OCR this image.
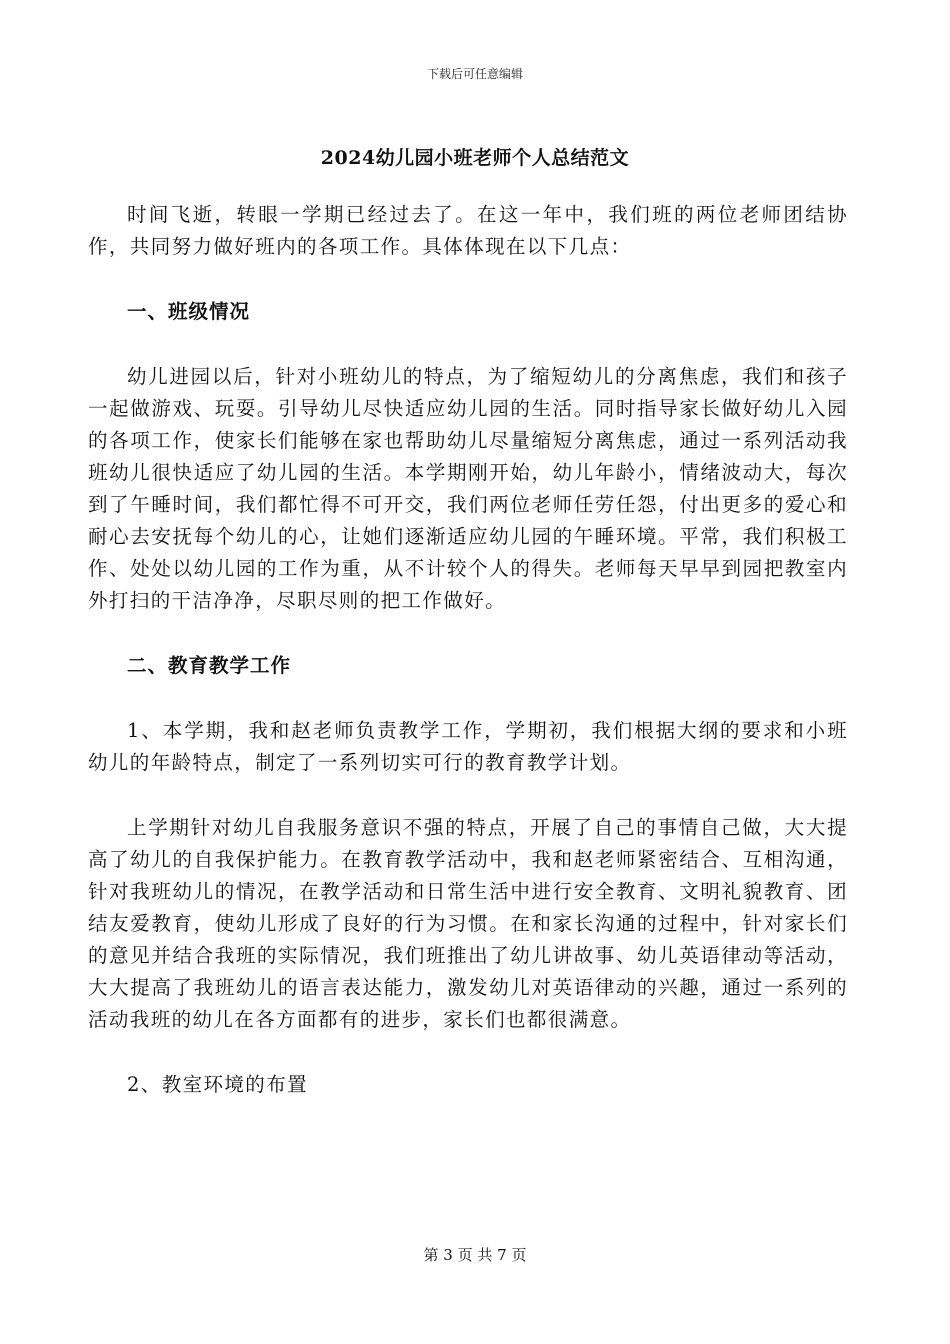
下载后可任意编辑
2024幼儿园小班老师个人总结范文

时间飞逝，转眼一学期已经过去了。在这一年中，我们班的两位老师团结协作，共同努力做好班内的各项工作。具体体现在以下几点：

一、班级情况

幼儿进园以后，针对小班幼儿的特点，为了缩短幼儿的分离焦虑，我们和孩子一起做游戏、玩耍。引导幼儿尽快适应幼儿园的生活。同时指导家长做好幼儿入园的各项工作，使家长们能够在家也帮助幼儿尽量缩短分离焦虑，通过一系列活动我班幼儿很快适应了幼儿园的生活。本学期刚开始，幼儿年龄小，情绪波动大，每次到了午睡时间，我们都忙得不可开交，我们两位老师任劳任怨，付出更多的爱心和耐心去安抚每个幼儿的心，让她们逐渐适应幼儿园的午睡环境。平常，我们积极工作、处处以幼儿园的工作为重，从不计较个人的得失。老师每天早早到园把教室内外打扫的干洁净净，尽职尽则的把工作做好。

二、教育教学工作

1、本学期，我和赵老师负责教学工作，学期初，我们根据大纲的要求和小班幼儿的年龄特点，制定了一系列切实可行的教育教学计划。

上学期针对幼儿自我服务意识不强的特点，开展了自己的事情自己做，大大提高了幼儿的自我保护能力。在教育教学活动中，我和赵老师紧密结合、互相沟通，针对我班幼儿的情况，在教学活动和日常生活中进行安全教育、文明礼貌教育、团结友爱教育，使幼儿形成了良好的行为习惯。在和家长沟通的过程中，针对家长们的意见并结合我班的实际情况，我们班推出了幼儿讲故事、幼儿英语律动等活动，大大提高了我班幼儿的语言表达能力，激发幼儿对英语律动的兴趣，通过一系列的活动我班的幼儿在各方面都有的进步，家长们也都很满意。

2、教室环境的布置

第 3 页 共 7 页
